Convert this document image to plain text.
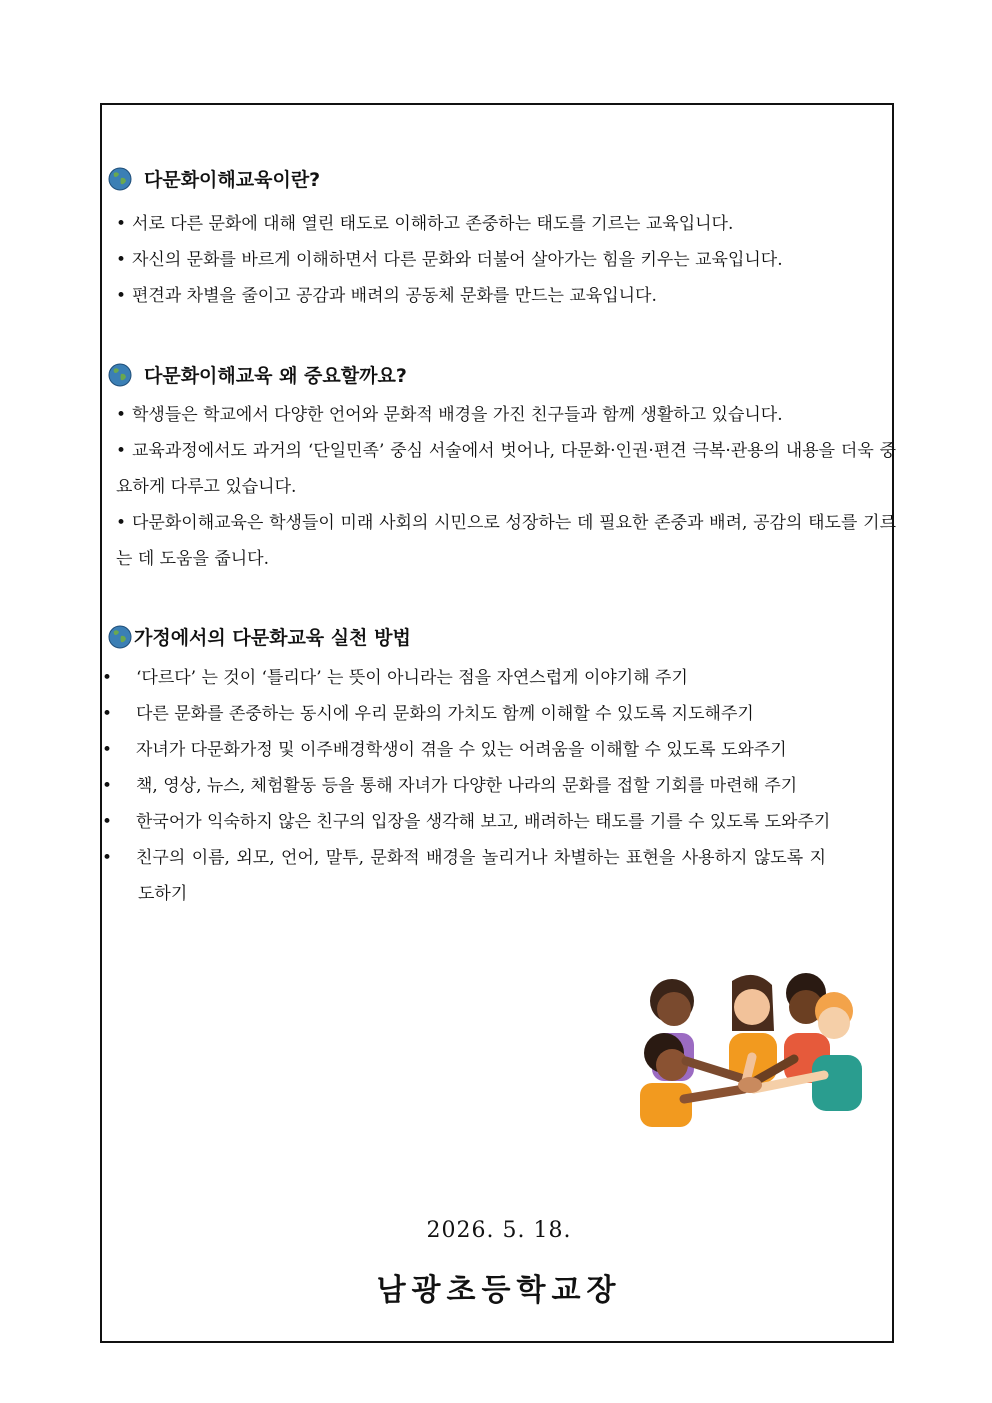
다문화이해교육이란?
• 서로 다른 문화에 대해 열린 태도로 이해하고 존중하는 태도를 기르는 교육입니다.
• 자신의 문화를 바르게 이해하면서 다른 문화와 더불어 살아가는 힘을 키우는 교육입니다.
• 편견과 차별을 줄이고 공감과 배려의 공동체 문화를 만드는 교육입니다.
다문화이해교육 왜 중요할까요?
• 학생들은 학교에서 다양한 언어와 문화적 배경을 가진 친구들과 함께 생활하고 있습니다.
• 교육과정에서도 과거의 ‘단일민족’ 중심 서술에서 벗어나, 다문화·인권·편견 극복·관용의 내용을 더욱 중요하게 다루고 있습니다.
• 다문화이해교육은 학생들이 미래 사회의 시민으로 성장하는 데 필요한 존중과 배려, 공감의 태도를 기르는 데 도움을 줍니다.
가정에서의 다문화교육 실천 방법
• ‘다르다’ 는 것이 ‘틀리다’ 는 뜻이 아니라는 점을 자연스럽게 이야기해 주기
• 다른 문화를 존중하는 동시에 우리 문화의 가치도 함께 이해할 수 있도록 지도해주기
• 자녀가 다문화가정 및 이주배경학생이 겪을 수 있는 어려움을 이해할 수 있도록 도와주기
• 책, 영상, 뉴스, 체험활동 등을 통해 자녀가 다양한 나라의 문화를 접할 기회를 마련해 주기
• 한국어가 익숙하지 않은 친구의 입장을 생각해 보고, 배려하는 태도를 기를 수 있도록 도와주기
• 친구의 이름, 외모, 언어, 말투, 문화적 배경을 놀리거나 차별하는 표현을 사용하지 않도록 지도하기
2026. 5. 18.
남광초등학교장
